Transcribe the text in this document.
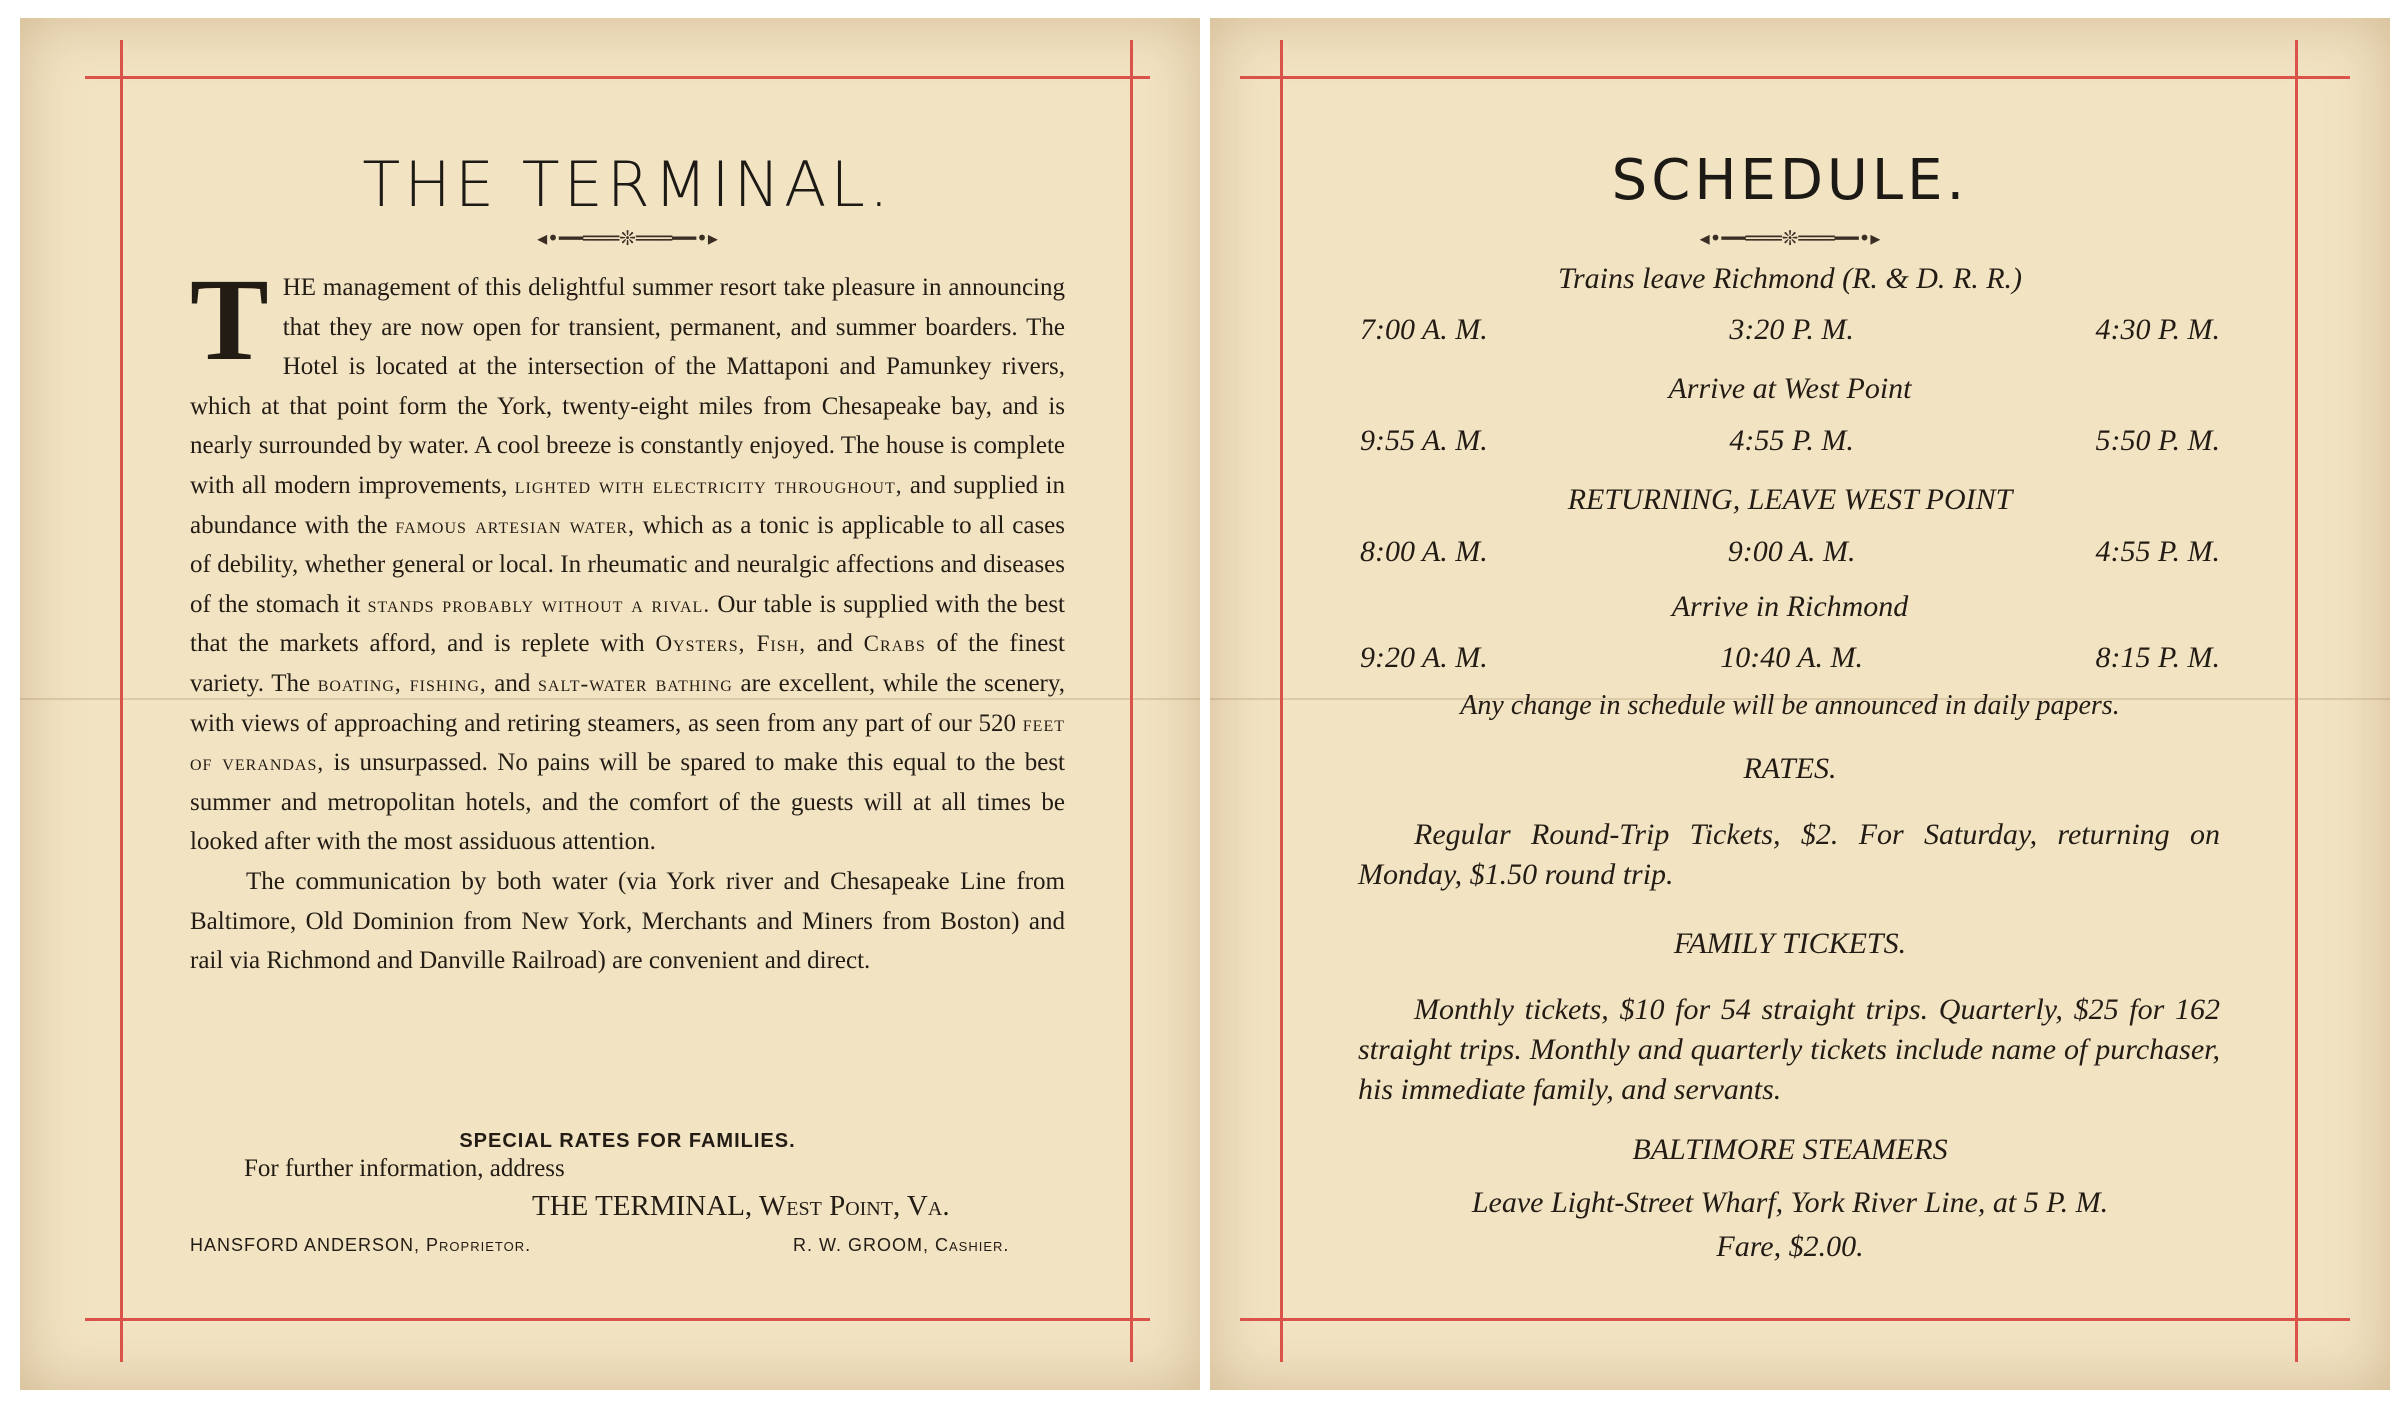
THE TERMINAL.
◂•━━═══❊═══━━•▸

THE management of this delightful summer resort take pleasure in announcing that they are now open for transient, permanent, and summer boarders. The Hotel is located at the intersection of the Mattaponi and Pamunkey rivers, which at that point form the York, twenty-eight miles from Chesapeake bay, and is nearly surrounded by water. A cool breeze is constantly enjoyed. The house is complete with all modern improvements, lighted with electricity throughout, and supplied in abundance with the famous artesian water, which as a tonic is applicable to all cases of debility, whether general or local. In rheumatic and neuralgic affections and diseases of the stomach it stands probably without a rival. Our table is supplied with the best that the markets afford, and is replete with Oysters, Fish, and Crabs of the finest variety. The boating, fishing, and salt-water bathing are excellent, while the scenery, with views of approaching and retiring steamers, as seen from any part of our 520 feet of verandas, is unsurpassed. No pains will be spared to make this equal to the best summer and metropolitan hotels, and the comfort of the guests will at all times be looked after with the most assiduous attention.

The communication by both water (via York river and Chesapeake Line from Baltimore, Old Dominion from New York, Merchants and Miners from Boston) and rail via Richmond and Danville Railroad) are convenient and direct.

SPECIAL RATES FOR FAMILIES.
For further information, address
THE TERMINAL, West Point, Va.
HANSFORD ANDERSON, Proprietor.	R. W. GROOM, Cashier.
SCHEDULE.
◂•━━═══❊═══━━•▸
Trains leave Richmond (R. & D. R. R.)
7:00 A. M.	3:20 P. M.	4:30 P. M.
Arrive at West Point
9:55 A. M.	4:55 P. M.	5:50 P. M.
RETURNING, LEAVE WEST POINT
8:00 A. M.	9:00 A. M.	4:55 P. M.
Arrive in Richmond
9:20 A. M.	10:40 A. M.	8:15 P. M.
Any change in schedule will be announced in daily papers.
RATES.
Regular Round-Trip Tickets, $2. For Saturday, returning on Monday, $1.50 round trip.
FAMILY TICKETS.
Monthly tickets, $10 for 54 straight trips. Quarterly, $25 for 162 straight trips. Monthly and quarterly tickets include name of purchaser, his immediate family, and servants.
BALTIMORE STEAMERS
Leave Light-Street Wharf, York River Line, at 5 P. M.
Fare, $2.00.
